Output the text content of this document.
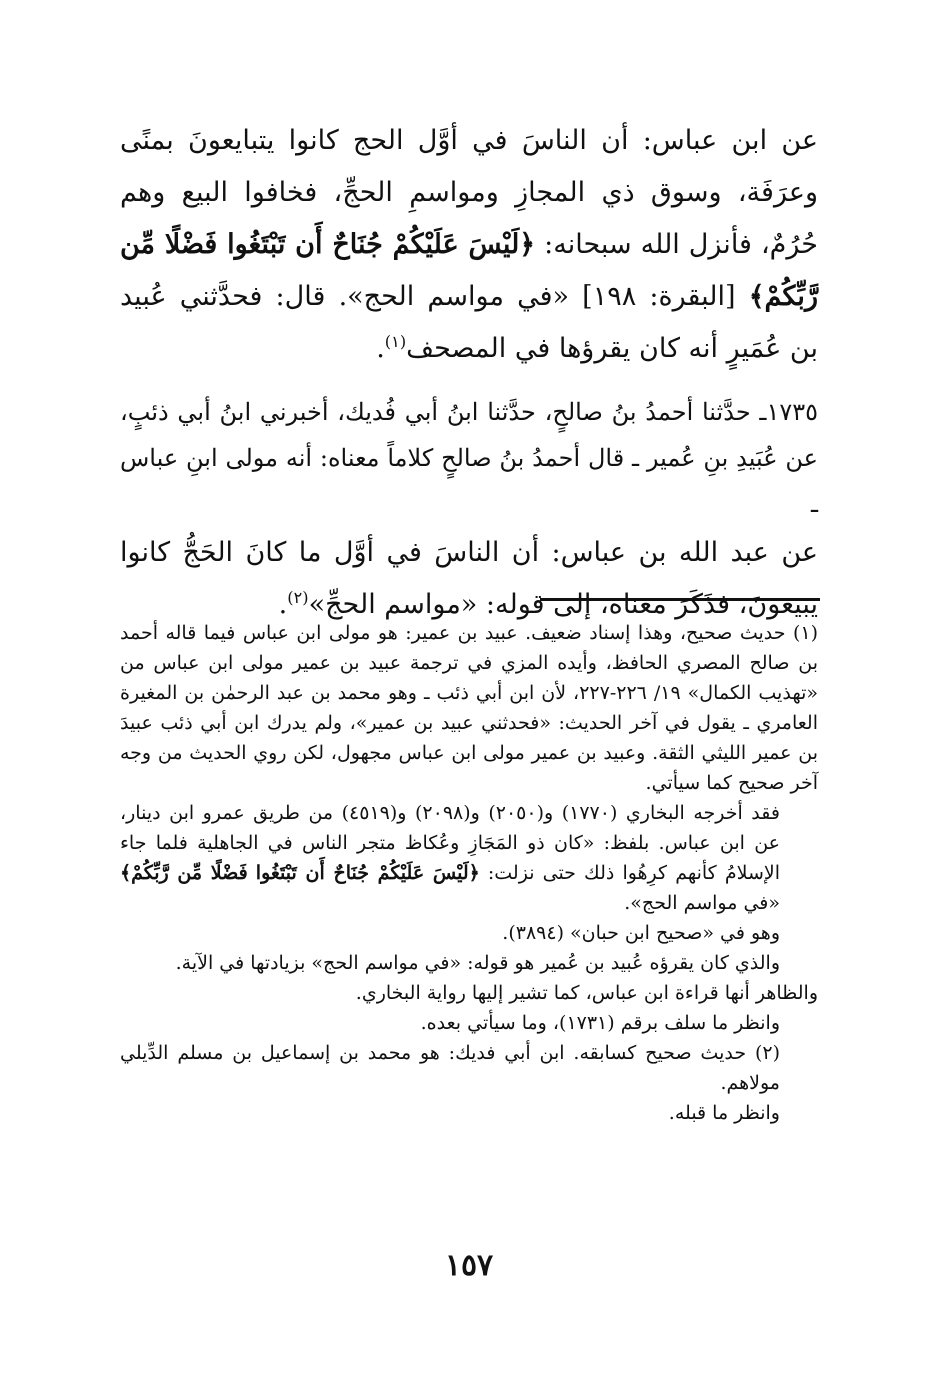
عن ابن عباس: أن الناسَ في أوَّل الحج كانوا يتبايعونَ بمنًى وعرَفَة، وسوق ذي المجازِ ومواسمِ الحجِّ، فخافوا البيع وهم حُرُمٌ، فأنزل الله سبحانه: ﴿لَيْسَ عَلَيْكُمْ جُنَاحٌ أَن تَبْتَغُوا فَضْلًا مِّن رَّبِّكُمْ﴾ [البقرة: ١٩٨] «في مواسم الحج». قال: فحدَّثني عُبيد بن عُمَيرٍ أنه كان يقرؤها في المصحف$^{(١)}$.

١٧٣٥ـ حدَّثنا أحمدُ بنُ صالحٍ، حدَّثنا ابنُ أبي فُديك، أخبرني ابنُ أبي ذئبٍ، عن عُبَيدِ بنِ عُمير ـ قال أحمدُ بنُ صالحٍ كلاماً معناه: أنه مولى ابنِ عباس ـ

عن عبد الله بن عباس: أن الناسَ في أوَّل ما كانَ الحَجُّ كانوا يبيعونَ، فذَكَرَ معناه، إلى قوله: «مواسم الحجِّ»$^{(٢)}$.

(١) حديث صحيح، وهذا إسناد ضعيف. عبيد بن عمير: هو مولى ابن عباس فيما قاله أحمد بن صالح المصري الحافظ، وأيده المزي في ترجمة عبيد بن عمير مولى ابن عباس من «تهذيب الكمال» ١٩/ ٢٢٦-٢٢٧، لأن ابن أبي ذئب ـ وهو محمد بن عبد الرحمٰن بن المغيرة العامري ـ يقول في آخر الحديث: «فحدثني عبيد بن عمير»، ولم يدرك ابن أبي ذئب عبيدَ بن عمير الليثي الثقة. وعبيد بن عمير مولى ابن عباس مجهول، لكن روي الحديث من وجه آخر صحيح كما سيأتي.

فقد أخرجه البخاري (١٧٧٠) و(٢٠٥٠) و(٢٠٩٨) و(٤٥١٩) من طريق عمرو ابن دينار، عن ابن عباس. بلفظ: «كان ذو المَجَازِ وعُكاظ متجر الناس في الجاهلية فلما جاء الإسلامُ كأنهم كرِهُوا ذلك حتى نزلت: ﴿لَيْسَ عَلَيْكُمْ جُنَاحٌ أَن تَبْتَغُوا فَضْلًا مِّن رَّبِّكُمْ﴾ «في مواسم الحج».

وهو في «صحيح ابن حبان» (٣٨٩٤).

والذي كان يقرؤه عُبيد بن عُمير هو قوله: «في مواسم الحج» بزيادتها في الآية.

والظاهر أنها قراءة ابن عباس، كما تشير إليها رواية البخاري.

وانظر ما سلف برقم (١٧٣١)، وما سيأتي بعده.

(٢) حديث صحيح كسابقه. ابن أبي فديك: هو محمد بن إسماعيل بن مسلم الدِّيلي مولاهم.

وانظر ما قبله.

١٥٧
